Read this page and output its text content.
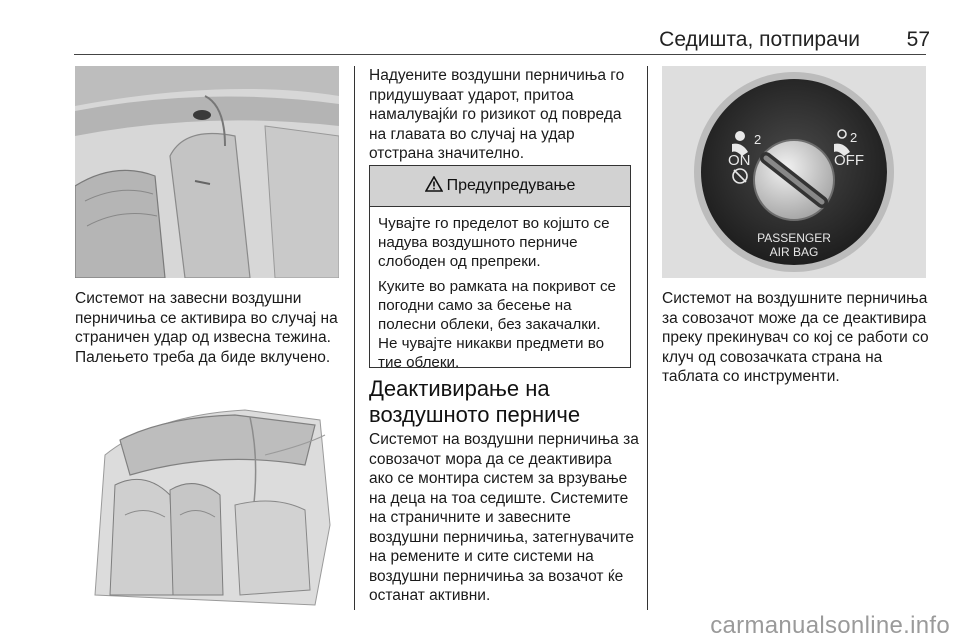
Седишта, потпирачи	57
Системот на завесни воздушни перничиња се активира во случај на страничен удар од извесна тежина. Палењето треба да биде вклучено.
Надуените воздушни перничиња го придушуваат ударот, притоа намалувајќи го ризикот од повреда на главата во случај на удар отстрана значително.
Предупредување

Чувајте го пределот во којшто се надува воздушното перниче слободен од препреки.

Куките во рамката на покривот се погодни само за бесење на полесни облеки, без закачалки. Не чувајте никакви предмети во тие облеки.

Деактивирање на воздушното перниче
Системот на воздушни перничиња за совозачот мора да се деактивира ако се монтира систем за врзување на деца на тоа седиште. Системите на страничните и завесните воздушни перничиња, затегнувачите на ремените и сите системи на воздушни перничиња за возачот ќе останат активни.
ON	OFF
2	2
PASSENGER
AIR BAG
Системот на воздушните перничиња за совозачот може да се деактивира преку прекинувач со кој се работи со клуч од совозачката страна на таблата со инструменти.
carmanualsonline.info
